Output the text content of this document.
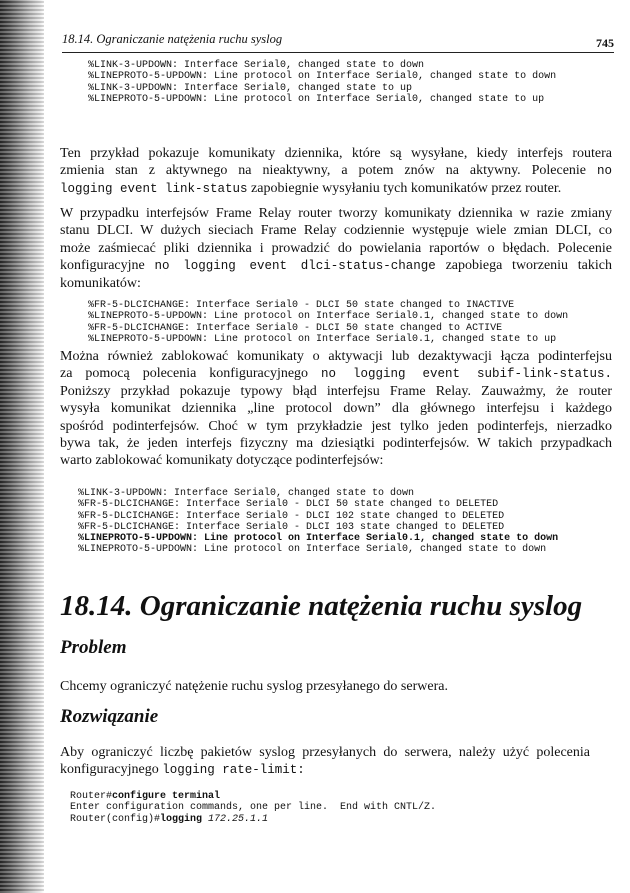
18.14. Ograniczanie natężenia ruchu syslog	745
%LINK-3-UPDOWN: Interface Serial0, changed state to down
%LINEPROTO-5-UPDOWN: Line protocol on Interface Serial0, changed state to down
%LINK-3-UPDOWN: Interface Serial0, changed state to up
%LINEPROTO-5-UPDOWN: Line protocol on Interface Serial0, changed state to up
Ten przykład pokazuje komunikaty dziennika, które są wysyłane, kiedy interfejs routera
zmienia stan z aktywnego na nieaktywny, a potem znów na aktywny. Polecenie no
logging event link-status zapobiegnie wysyłaniu tych komunikatów przez router.
W przypadku interfejsów Frame Relay router tworzy komunikaty dziennika w razie zmiany
stanu DLCI. W dużych sieciach Frame Relay codziennie występuje wiele zmian DLCI, co
może zaśmiecać pliki dziennika i prowadzić do powielania raportów o błędach. Polecenie
konfiguracyjne no logging event dlci-status-change zapobiega tworzeniu takich
komunikatów:
%FR-5-DLCICHANGE: Interface Serial0 - DLCI 50 state changed to INACTIVE
%LINEPROTO-5-UPDOWN: Line protocol on Interface Serial0.1, changed state to down
%FR-5-DLCICHANGE: Interface Serial0 - DLCI 50 state changed to ACTIVE
%LINEPROTO-5-UPDOWN: Line protocol on Interface Serial0.1, changed state to up
Można również zablokować komunikaty o aktywacji lub dezaktywacji łącza podinterfejsu
za pomocą polecenia konfiguracyjnego no logging event subif-link-status.
Poniższy przykład pokazuje typowy błąd interfejsu Frame Relay. Zauważmy, że router
wysyła komunikat dziennika „line protocol down” dla głównego interfejsu i każdego
spośród podinterfejsów. Choć w tym przykładzie jest tylko jeden podinterfejs, nierzadko
bywa tak, że jeden interfejs fizyczny ma dziesiątki podinterfejsów. W takich przypadkach
warto zablokować komunikaty dotyczące podinterfejsów:
%LINK-3-UPDOWN: Interface Serial0, changed state to down
%FR-5-DLCICHANGE: Interface Serial0 - DLCI 50 state changed to DELETED
%FR-5-DLCICHANGE: Interface Serial0 - DLCI 102 state changed to DELETED
%FR-5-DLCICHANGE: Interface Serial0 - DLCI 103 state changed to DELETED
%LINEPROTO-5-UPDOWN: Line protocol on Interface Serial0.1, changed state to down
%LINEPROTO-5-UPDOWN: Line protocol on Interface Serial0, changed state to down
18.14. Ograniczanie natężenia ruchu syslog
Problem
Chcemy ograniczyć natężenie ruchu syslog przesyłanego do serwera.
Rozwiązanie
Aby ograniczyć liczbę pakietów syslog przesyłanych do serwera, należy użyć polecenia
konfiguracyjnego logging rate-limit:
Router#configure terminal
Enter configuration commands, one per line.  End with CNTL/Z.
Router(config)#logging 172.25.1.1
